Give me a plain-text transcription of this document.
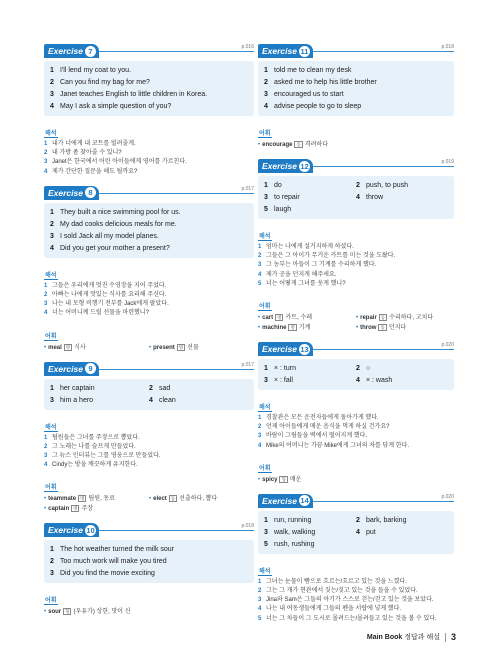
Exercise 7	p.016
1 I'll lend my coat to you.
2 Can you find my bag for me?
3 Janet teaches English to little children in Korea.
4 May I ask a simple question of you?
해석
1 내가 너에게 내 코트를 빌려줄게.
2 내 가방 좀 찾아줄 수 있니?
3 Janet은 한국에서 어린 아이들에게 영어를 가르친다.
4 제가 간단한 질문을 해도 될까요?
Exercise 8	p.017
1 They built a nice swimming pool for us.
2 My dad cooks delicious meals for me.
3 I sold Jack all my model planes.
4 Did you get your mother a present?
해석
1 그들은 우리에게 멋진 수영장을 지어 주었다.
2 아빠는 나에게 맛있는 식사를 요리해 주신다.
3 나는 내 모형 비행기 전부를 Jack에게 팔았다.
4 너는 어머니께 드릴 선물을 마련했니?
어휘
• meal 명 식사	• present 명 선물
Exercise 9	p.017
1 her captain	2 sad
3 him a hero	4 clean
해석
1 팀원들은 그녀를 주장으로 뽑았다.
2 그 노래는 나를 슬프게 만들었다.
3 그 뉴스 인터뷰는 그를 영웅으로 만들었다.
4 Cindy는 방을 깨끗하게 유지한다.
어휘
• teammate 명 팀원, 동료	• elect 동 선출하다, 뽑다
• captain 명 주장
Exercise 10	p.018
1 The hot weather turned the milk sour
2 Too much work will make you tired
3 Did you find the movie exciting
어휘
• sour 형 (우유가) 상한, 맛이 신
Exercise 11	p.018
1 told me to clean my desk
2 asked me to help his little brother
3 encouraged us to start
4 advise people to go to sleep
어휘
• encourage 동 격려하다
Exercise 12	p.019
1 do	2 push, to push
3 to repair	4 throw
5 laugh
해석
1 엄마는 나에게 설거지하게 하셨다.
2 그들은 그 아이가 무거운 카트를 미는 것을 도왔다.
3 그 농부는 아들이 그 기계를 수리하게 했다.
4 제가 공을 던지게 해주세요.
5 너는 어떻게 그녀를 웃게 했니?
어휘
• cart 명 카트, 수레	• repair 동 수리하다, 고치다
• machine 명 기계	• throw 동 던지다
Exercise 13	p.020
1 × : turn	2 ○
3 × : fall	4 × : wash
해석
1 경찰관은 모든 운전자들에게 돌아가게 했다.
2 언제 아이들에게 매운 음식을 먹게 하실 건가요?
3 바람이 그림들을 벽에서 떨어지게 했다.
4 Mike의 어머니는 가끔 Mike에게 그녀의 차를 닦게 한다.
어휘
• spicy 형 매운
Exercise 14	p.020
1 run, running	2 bark, barking
3 walk, walking	4 put
5 rush, rushing
해석
1 그녀는 눈물이 뺨으로 흐르는/흐르고 있는 것을 느꼈다.
2 그는 그 개가 현관에서 짖는/짖고 있는 것을 들을 수 있었다.
3 Jina와 Sam은 그들의 아기가 스스로 걷는/걷고 있는 것을 보았다.
4 나는 내 여동생들에게 그들의 펜을 서랍에 넣게 했다.
5 너는 그 차들이 그 도시로 몰려드는/몰려들고 있는 것을 볼 수 있다.
Main Book 정답과 해설 3
